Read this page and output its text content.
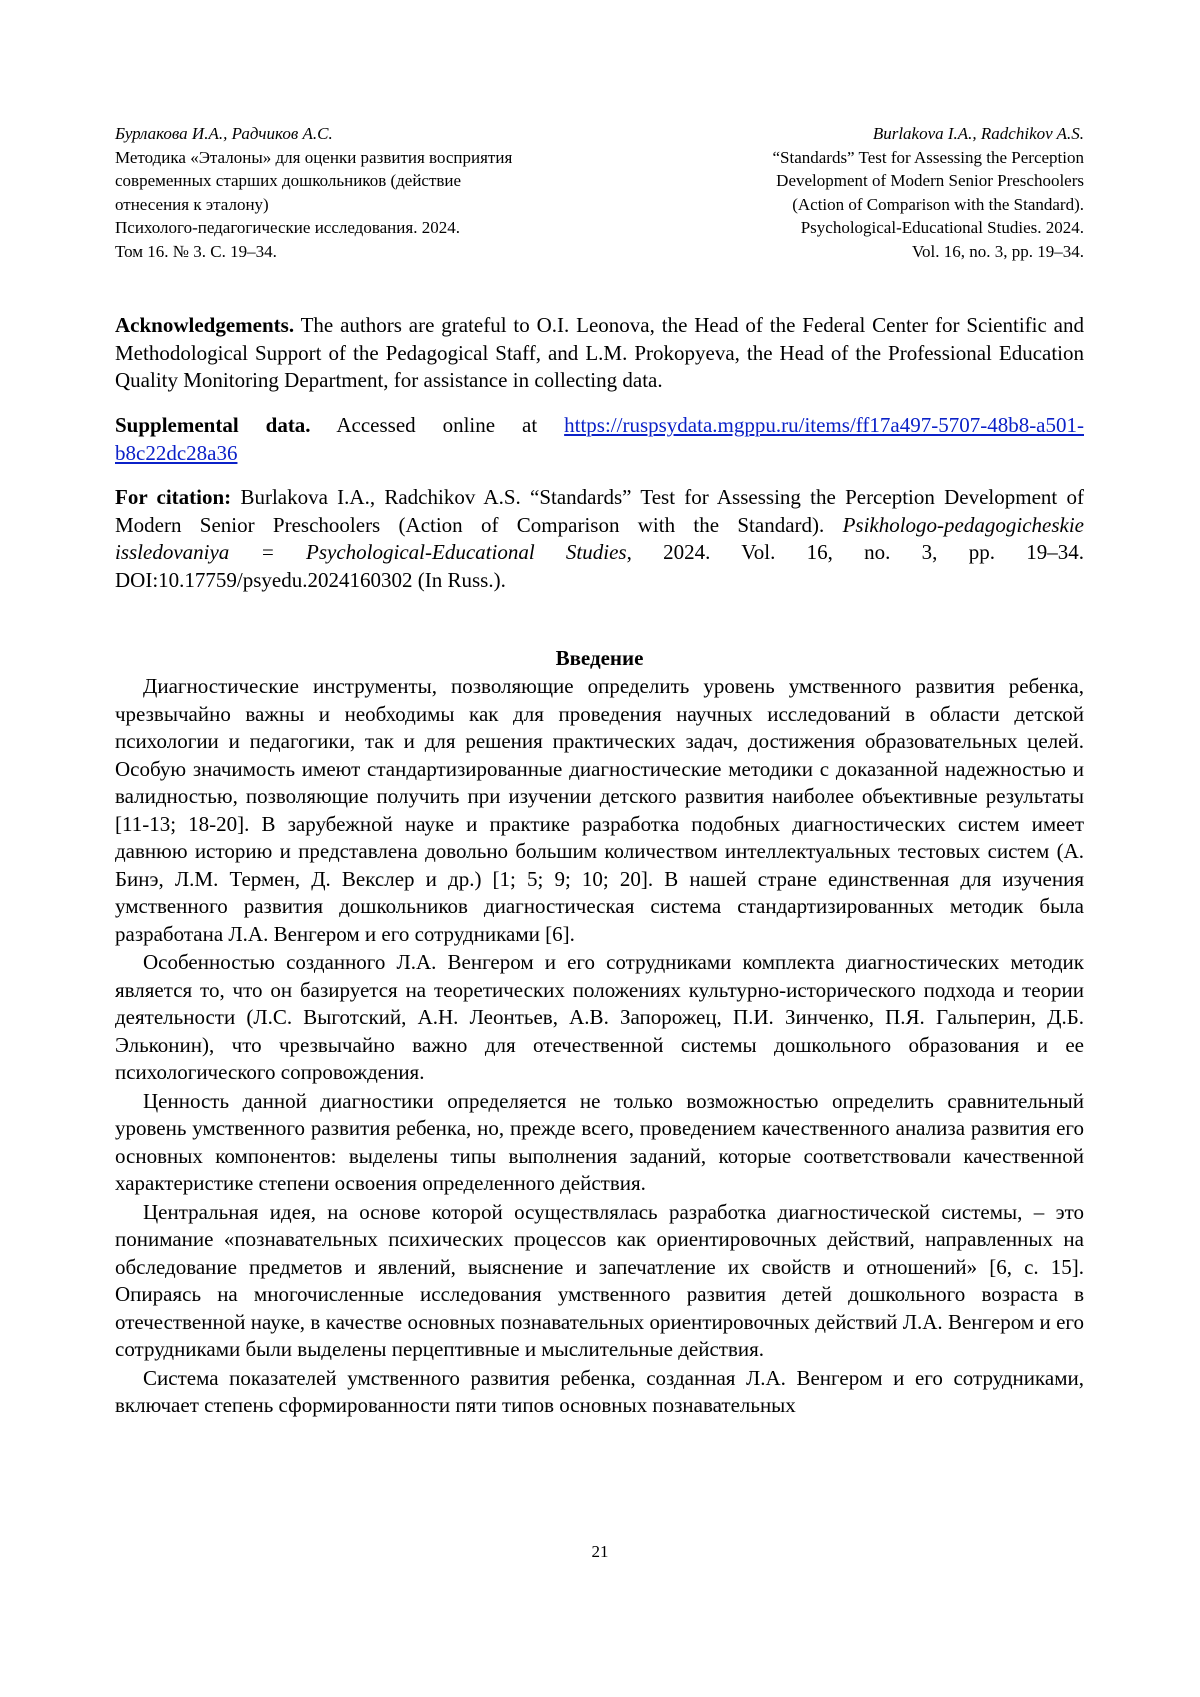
Бурлакова И.А., Радчиков А.С.
Методика «Эталоны» для оценки развития восприятия
современных старших дошкольников (действие
отнесения к эталону)
Психолого-педагогические исследования. 2024.
Том 16. № 3. С. 19–34.
Burlakova I.A., Radchikov A.S.
“Standards” Test for Assessing the Perception
Development of Modern Senior Preschoolers
(Action of Comparison with the Standard).
Psychological-Educational Studies. 2024.
Vol. 16, no. 3, pp. 19–34.

Acknowledgements. The authors are grateful to O.I. Leonova, the Head of the Federal Center for Scientific and Methodological Support of the Pedagogical Staff, and L.M. Prokopyeva, the Head of the Professional Education Quality Monitoring Department, for assistance in collecting data.

Supplemental data. Accessed online at https://ruspsydata.mgppu.ru/items/ff17a497-5707-48b8-a501-b8c22dc28a36

For citation: Burlakova I.A., Radchikov A.S. “Standards” Test for Assessing the Perception Development of Modern Senior Preschoolers (Action of Comparison with the Standard). Psikhologo-pedagogicheskie issledovaniya = Psychological-Educational Studies, 2024. Vol. 16, no. 3, pp. 19–34. DOI:10.17759/psyedu.2024160302 (In Russ.).

Введение

Диагностические инструменты, позволяющие определить уровень умственного развития ребенка, чрезвычайно важны и необходимы как для проведения научных исследований в области детской психологии и педагогики, так и для решения практических задач, достижения образовательных целей. Особую значимость имеют стандартизированные диагностические методики с доказанной надежностью и валидностью, позволяющие получить при изучении детского развития наиболее объективные результаты [11-13; 18-20]. В зарубежной науке и практике разработка подобных диагностических систем имеет давнюю историю и представлена довольно большим количеством интеллектуальных тестовых систем (А. Бинэ, Л.М. Термен, Д. Векслер и др.) [1; 5; 9; 10; 20]. В нашей стране единственная для изучения умственного развития дошкольников диагностическая система стандартизированных методик была разработана Л.А. Венгером и его сотрудниками [6].

Особенностью созданного Л.А. Венгером и его сотрудниками комплекта диагностических методик является то, что он базируется на теоретических положениях культурно-исторического подхода и теории деятельности (Л.С. Выготский, А.Н. Леонтьев, А.В. Запорожец, П.И. Зинченко, П.Я. Гальперин, Д.Б. Эльконин), что чрезвычайно важно для отечественной системы дошкольного образования и ее психологического сопровождения.

Ценность данной диагностики определяется не только возможностью определить сравнительный уровень умственного развития ребенка, но, прежде всего, проведением качественного анализа развития его основных компонентов: выделены типы выполнения заданий, которые соответствовали качественной характеристике степени освоения определенного действия.

Центральная идея, на основе которой осуществлялась разработка диагностической системы, – это понимание «познавательных психических процессов как ориентировочных действий, направленных на обследование предметов и явлений, выяснение и запечатление их свойств и отношений» [6, с. 15]. Опираясь на многочисленные исследования умственного развития детей дошкольного возраста в отечественной науке, в качестве основных познавательных ориентировочных действий Л.А. Венгером и его сотрудниками были выделены перцептивные и мыслительные действия.

Система показателей умственного развития ребенка, созданная Л.А. Венгером и его сотрудниками, включает степень сформированности пяти типов основных познавательных

21
